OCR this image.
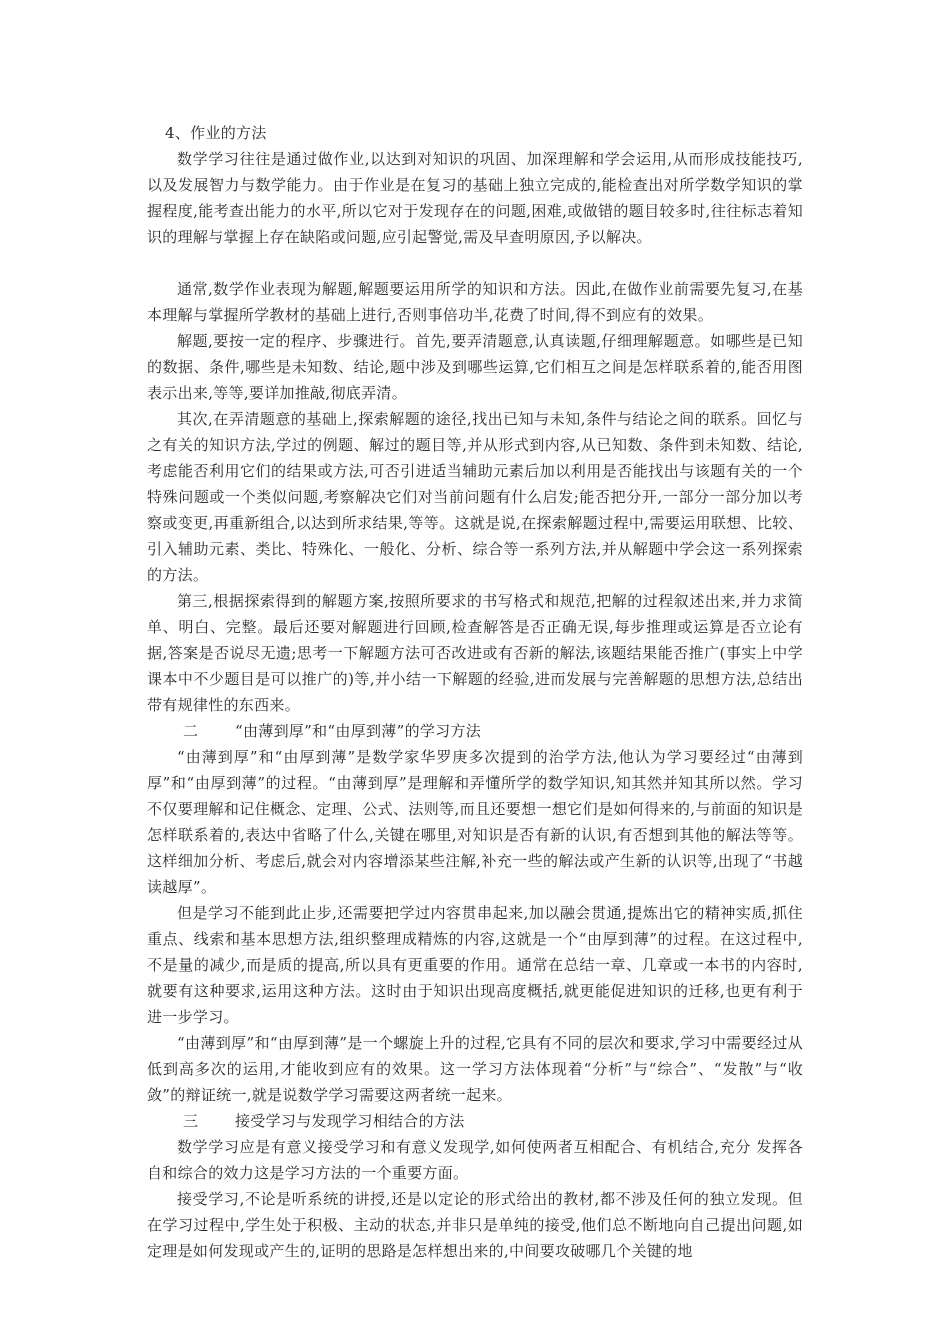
4、作业的方法

数学学习往往是通过做作业,以达到对知识的巩固、加深理解和学会运用,从而形成技能技巧,以及发展智力与数学能力。由于作业是在复习的基础上独立完成的,能检查出对所学数学知识的掌握程度,能考查出能力的水平,所以它对于发现存在的问题,困难,或做错的题目较多时,往往标志着知识的理解与掌握上存在缺陷或问题,应引起警觉,需及早查明原因,予以解决。

通常,数学作业表现为解题,解题要运用所学的知识和方法。因此,在做作业前需要先复习,在基本理解与掌握所学教材的基础上进行,否则事倍功半,花费了时间,得不到应有的效果。

解题,要按一定的程序、步骤进行。首先,要弄清题意,认真读题,仔细理解题意。如哪些是已知的数据、条件,哪些是未知数、结论,题中涉及到哪些运算,它们相互之间是怎样联系着的,能否用图表示出来,等等,要详加推敲,彻底弄清。

其次,在弄清题意的基础上,探索解题的途径,找出已知与未知,条件与结论之间的联系。回忆与之有关的知识方法,学过的例题、解过的题目等,并从形式到内容,从已知数、条件到未知数、结论,考虑能否利用它们的结果或方法,可否引进适当辅助元素后加以利用是否能找出与该题有关的一个特殊问题或一个类似问题,考察解决它们对当前问题有什么启发;能否把分开,一部分一部分加以考察或变更,再重新组合,以达到所求结果,等等。这就是说,在探索解题过程中,需要运用联想、比较、引入辅助元素、类比、特殊化、一般化、分析、综合等一系列方法,并从解题中学会这一系列探索的方法。

第三,根据探索得到的解题方案,按照所要求的书写格式和规范,把解的过程叙述出来,并力求简单、明白、完整。最后还要对解题进行回顾,检查解答是否正确无误,每步推理或运算是否立论有据,答案是否说尽无遗;思考一下解题方法可否改进或有否新的解法,该题结果能否推广(事实上中学课本中不少题目是可以推广的)等,并小结一下解题的经验,进而发展与完善解题的思想方法,总结出带有规律性的东西来。

二 “由薄到厚”和“由厚到薄”的学习方法

“由薄到厚”和“由厚到薄”是数学家华罗庚多次提到的治学方法,他认为学习要经过“由薄到厚”和“由厚到薄”的过程。“由薄到厚”是理解和弄懂所学的数学知识,知其然并知其所以然。学习不仅要理解和记住概念、定理、公式、法则等,而且还要想一想它们是如何得来的,与前面的知识是怎样联系着的,表达中省略了什么,关键在哪里,对知识是否有新的认识,有否想到其他的解法等等。这样细加分析、考虑后,就会对内容增添某些注解,补充一些的解法或产生新的认识等,出现了“书越读越厚”。

但是学习不能到此止步,还需要把学过内容贯串起来,加以融会贯通,提炼出它的精神实质,抓住重点、线索和基本思想方法,组织整理成精炼的内容,这就是一个“由厚到薄”的过程。在这过程中,不是量的减少,而是质的提高,所以具有更重要的作用。通常在总结一章、几章或一本书的内容时,就要有这种要求,运用这种方法。这时由于知识出现高度概括,就更能促进知识的迁移,也更有利于进一步学习。

“由薄到厚”和“由厚到薄”是一个螺旋上升的过程,它具有不同的层次和要求,学习中需要经过从低到高多次的运用,才能收到应有的效果。这一学习方法体现着“分析”与“综合”、“发散”与“收敛”的辩证统一,就是说数学学习需要这两者统一起来。

三 接受学习与发现学习相结合的方法

数学学习应是有意义接受学习和有意义发现学,如何使两者互相配合、有机结合,充分 发挥各自和综合的效力这是学习方法的一个重要方面。

接受学习,不论是听系统的讲授,还是以定论的形式给出的教材,都不涉及任何的独立发现。但在学习过程中,学生处于积极、主动的状态,并非只是单纯的接受,他们总不断地向自己提出问题,如定理是如何发现或产生的,证明的思路是怎样想出来的,中间要攻破哪几个关键的地
